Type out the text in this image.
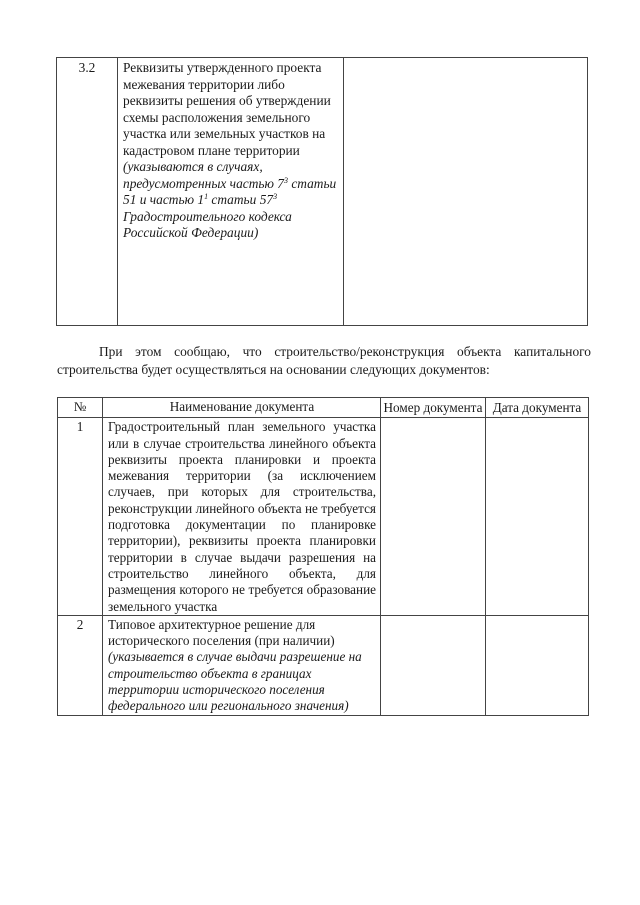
3.2	Реквизиты утвержденного проекта межевания территории либо реквизиты решения об утверждении схемы расположения земельного участка или земельных участков на кадастровом плане территории (указываются в случаях, предусмотренных частью $7^3$ статьи 51 и частью $1^1$ статьи $57^3$ Градостроительного кодекса Российской Федерации)	

При этом сообщаю, что строительство/реконструкция объекта капитального строительства будет осуществляться на основании следующих документов:

№	Наименование документа	Номер документа	Дата документа
1	Градостроительный план земельного участка или в случае строительства линейного объекта реквизиты проекта планировки и проекта межевания территории (за исключением случаев, при которых для строительства, реконструкции линейного объекта не требуется подготовка документации по планировке территории), реквизиты проекта планировки территории в случае выдачи разрешения на строительство линейного объекта, для размещения которого не требуется образование земельного участка		
2	Типовое архитектурное решение для исторического поселения (при наличии) (указывается в случае выдачи разрешение на строительство объекта в границах территории исторического поселения федерального или регионального значения)		
